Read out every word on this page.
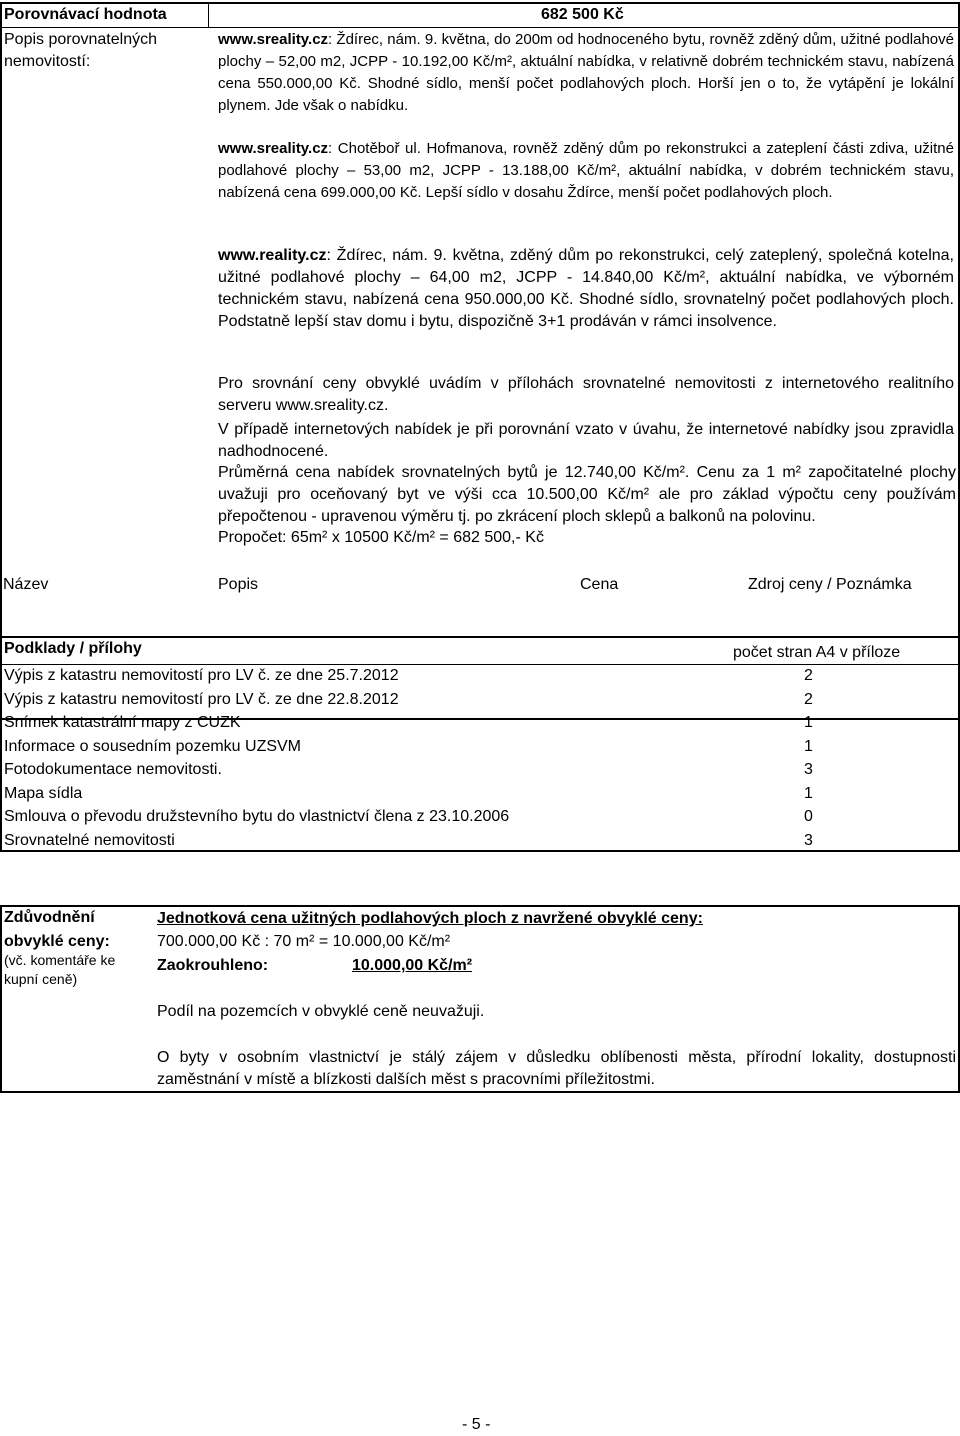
Porovnávací hodnota	682 500 Kč
Popis porovnatelných nemovitostí:
www.sreality.cz: Ždírec, nám. 9. května, do 200m od hodnoceného bytu, rovněž zděný dům, užitné podlahové plochy ‒ 52,00 m2, JCPP - 10.192,00 Kč/m², aktuální nabídka, v relativně dobrém technickém stavu, nabízená cena 550.000,00 Kč. Shodné sídlo, menší počet podlahových ploch. Horší jen o to, že vytápění je lokální plynem. Jde však o nabídku.
www.sreality.cz: Chotěboř ul. Hofmanova, rovněž zděný dům po rekonstrukci a zateplení části zdiva, užitné podlahové plochy ‒ 53,00 m2, JCPP - 13.188,00 Kč/m², aktuální nabídka, v dobrém technickém stavu, nabízená cena 699.000,00 Kč. Lepší sídlo v dosahu Ždírce, menší počet podlahových ploch.
www.reality.cz: Ždírec, nám. 9. května, zděný dům po rekonstrukci, celý zateplený, společná kotelna, užitné podlahové plochy ‒ 64,00 m2, JCPP - 14.840,00 Kč/m², aktuální nabídka, ve výborném technickém stavu, nabízená cena 950.000,00 Kč. Shodné sídlo, srovnatelný počet podlahových ploch. Podstatně lepší stav domu i bytu, dispozičně 3+1 prodáván v rámci insolvence.
Pro srovnání ceny obvyklé uvádím v přílohách srovnatelné nemovitosti z internetového realitního serveru www.sreality.cz.
V případě internetových nabídek je při porovnání vzato v úvahu, že internetové nabídky jsou zpravidla nadhodnocené.
Průměrná cena nabídek srovnatelných bytů je 12.740,00 Kč/m². Cenu za 1 m² započitatelné plochy uvažuji pro oceňovaný byt ve výši cca 10.500,00 Kč/m² ale pro základ výpočtu ceny používám přepočtenou - upravenou výměru tj. po zkrácení ploch sklepů a balkonů na polovinu.
Propočet: 65m² x 10500 Kč/m² = 682 500,- Kč
Název	Popis	Cena	Zdroj ceny / Poznámka
Podklady / přílohy	počet stran A4 v příloze
Výpis z katastru nemovitostí pro LV č. ze dne 25.7.2012	2
Výpis z katastru nemovitostí pro LV č. ze dne 22.8.2012	2
Snímek katastrální mapy z CUZK	1
Informace o sousedním pozemku UZSVM	1
Fotodokumentace nemovitosti.	3
Mapa sídla	1
Smlouva o převodu družstevního bytu do vlastnictví člena z 23.10.2006	0
Srovnatelné nemovitosti	3
Zdůvodnění obvyklé ceny:
(vč. komentáře ke kupní ceně)
Jednotková cena užitných podlahových ploch z navržené obvyklé ceny:
700.000,00 Kč : 70 m² = 10.000,00 Kč/m²
Zaokrouhleno:	10.000,00 Kč/m²
Podíl na pozemcích v obvyklé ceně neuvažuji.
O byty v osobním vlastnictví je stálý zájem v důsledku oblíbenosti města, přírodní lokality, dostupnosti zaměstnání v místě a blízkosti dalších měst s pracovními příležitostmi.
- 5 -
